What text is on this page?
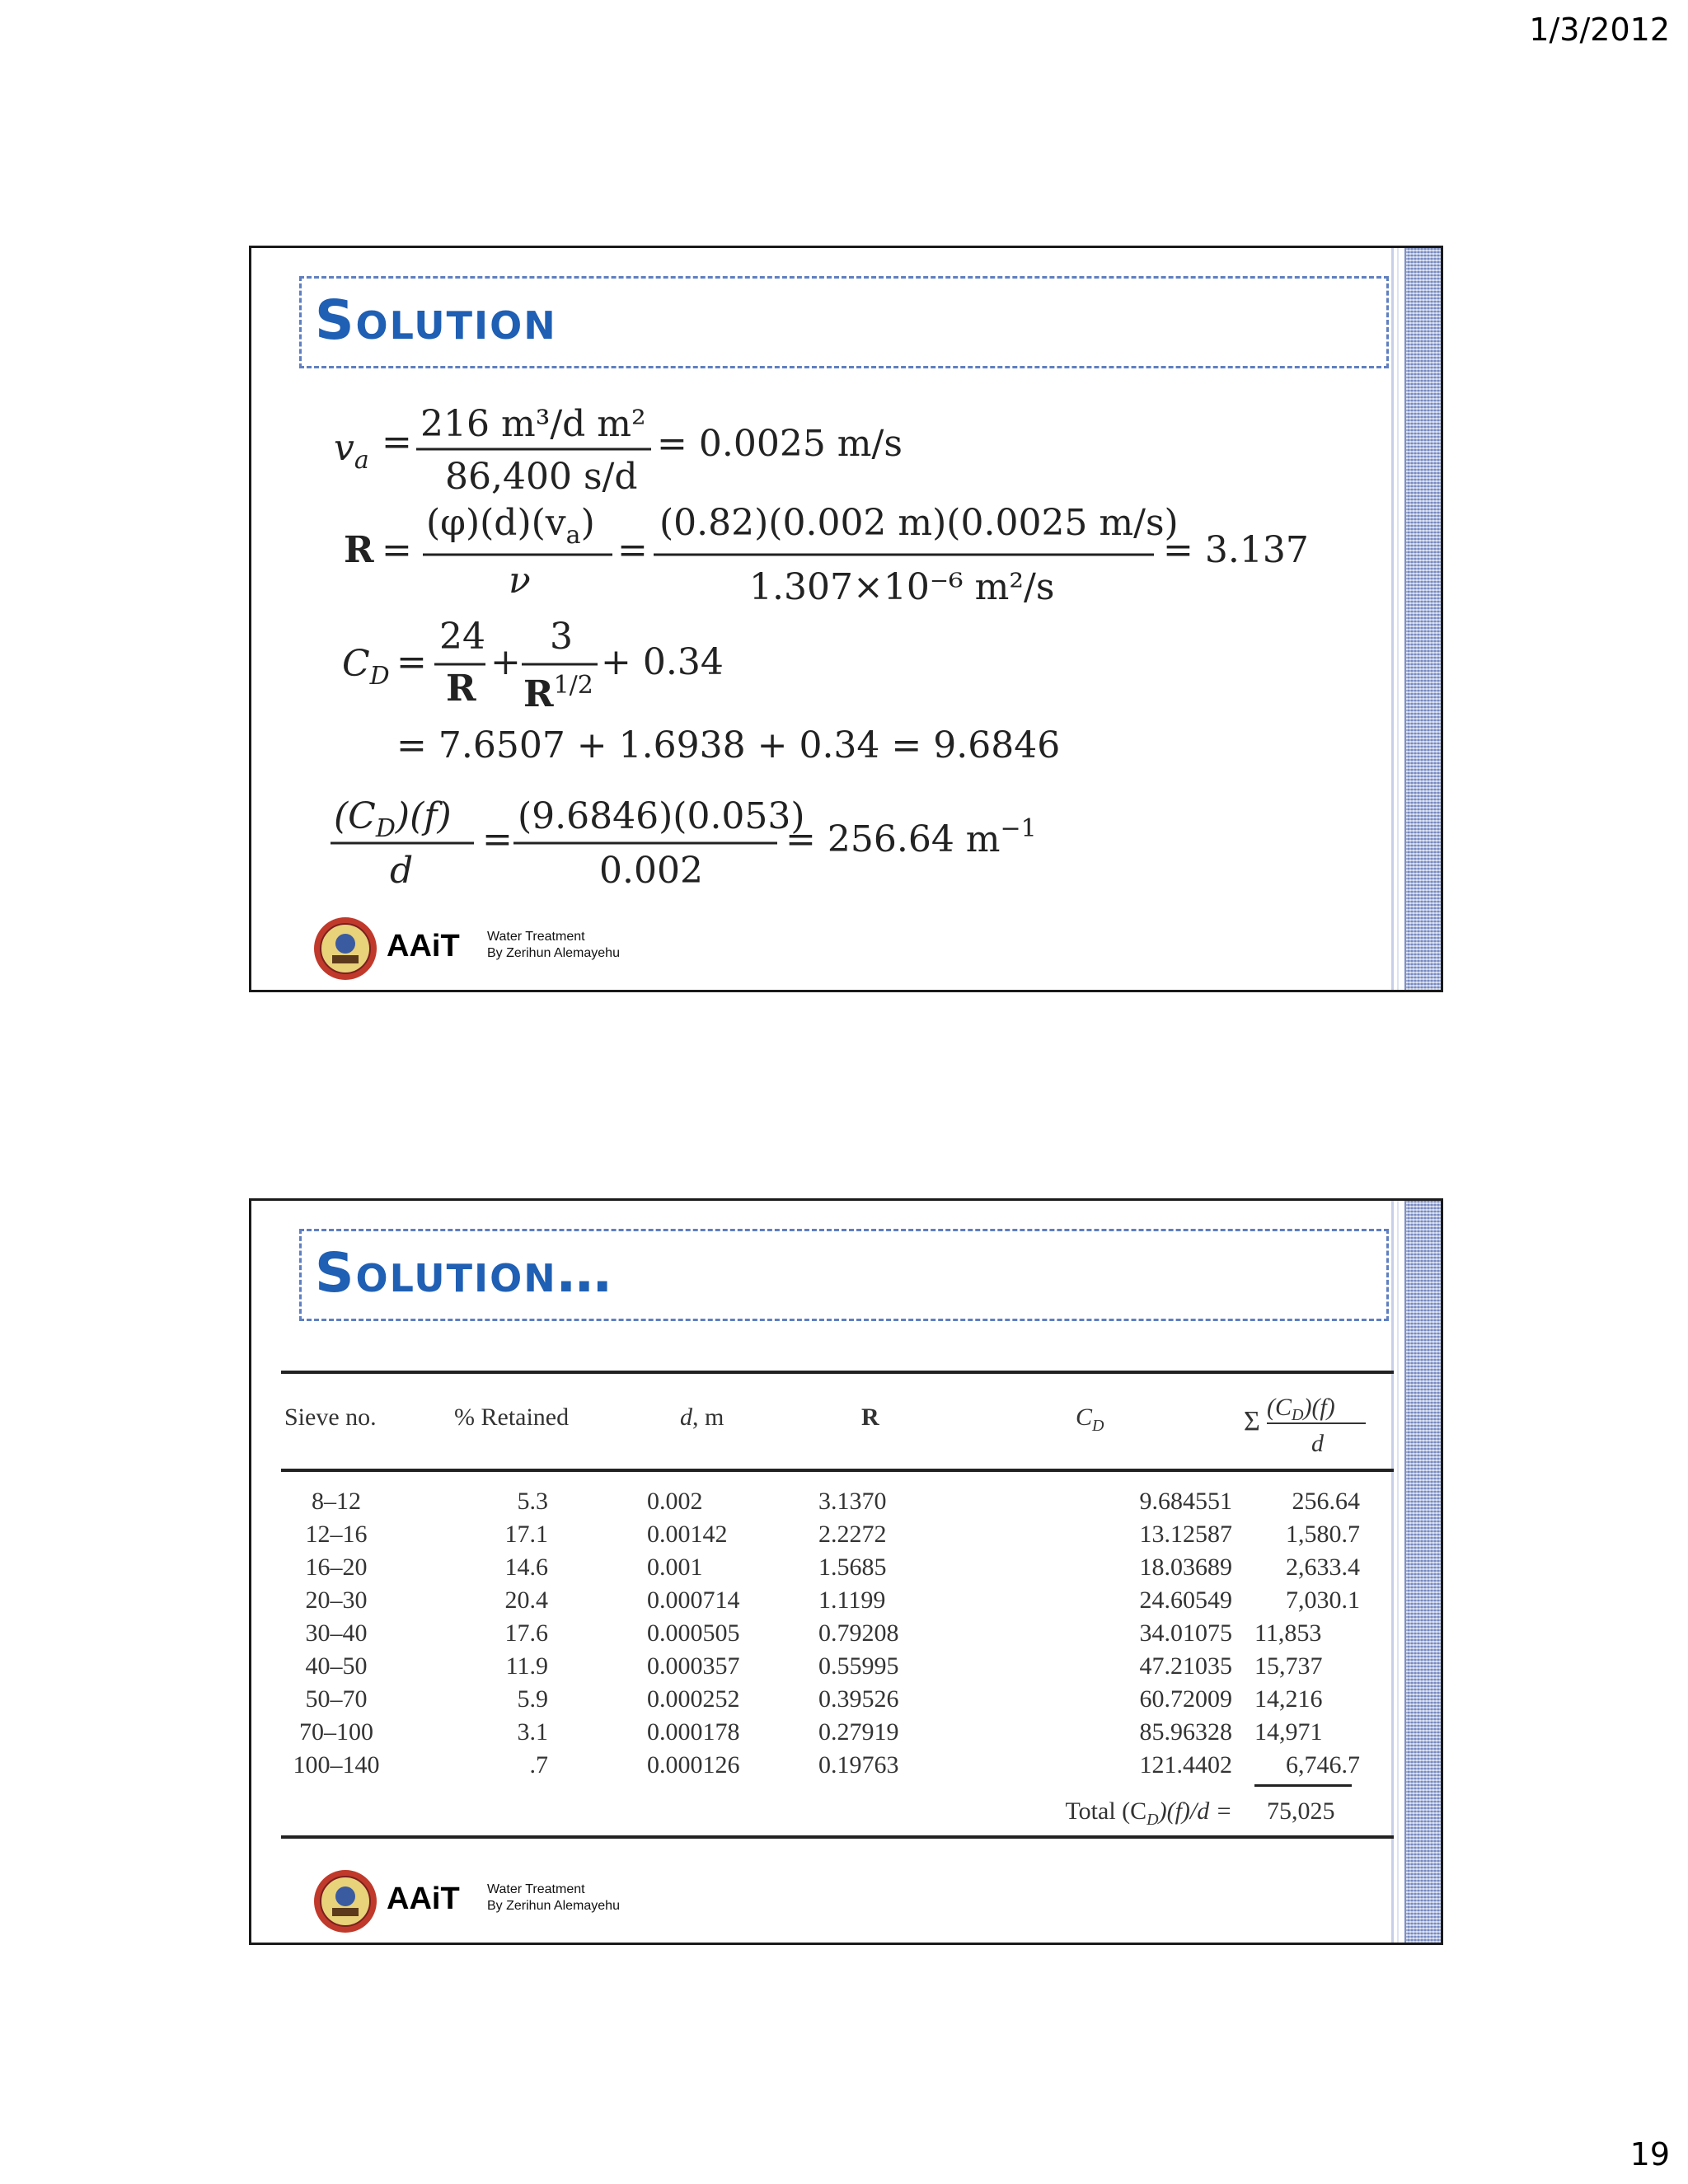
1/3/2012
Solution
$v_a = 216$ m³/d m²
86,400 s/d
= 0.0025 m/s
R =
$(\varphi)(d)(v_a)$
ν
=
(0.82)(0.002 m)(0.0025 m/s)
1.307×10⁻⁶ m²/s
= 3.137
$C_D$ =
24
R
+
3
$R^{1/2}$
+ 0.34
= 7.6507 + 1.6938 + 0.34 = 9.6846
$(C_D)(f)$
d
=
(9.6846)(0.053)
0.002
= 256.64 $m^{-1}$
AAiT Water Treatment
By Zerihun Alemayehu
Solution…
Sieve no.	% Retained	d, m	R	$C_D$	Σ $(C_D)(f)$
d
8–12	5.3	0.002	3.1370	9.684551	256.64
12–16	17.1	0.00142	2.2272	13.12587	1,580.7
16–20	14.6	0.001	1.5685	18.03689	2,633.4
20–30	20.4	0.000714	1.1199	24.60549	7,030.1
30–40	17.6	0.000505	0.79208	34.01075 11,853
40–50	11.9	0.000357	0.55995	47.21035 15,737
50–70	5.9	0.000252	0.39526	60.72009 14,216
70–100	3.1	0.000178	0.27919	85.96328 14,971
100–140	.7	0.000126	0.19763	121.4402	6,746.7
Total $(C_D)(f)/d = 75,025$
AAiT Water Treatment
By Zerihun Alemayehu
19
